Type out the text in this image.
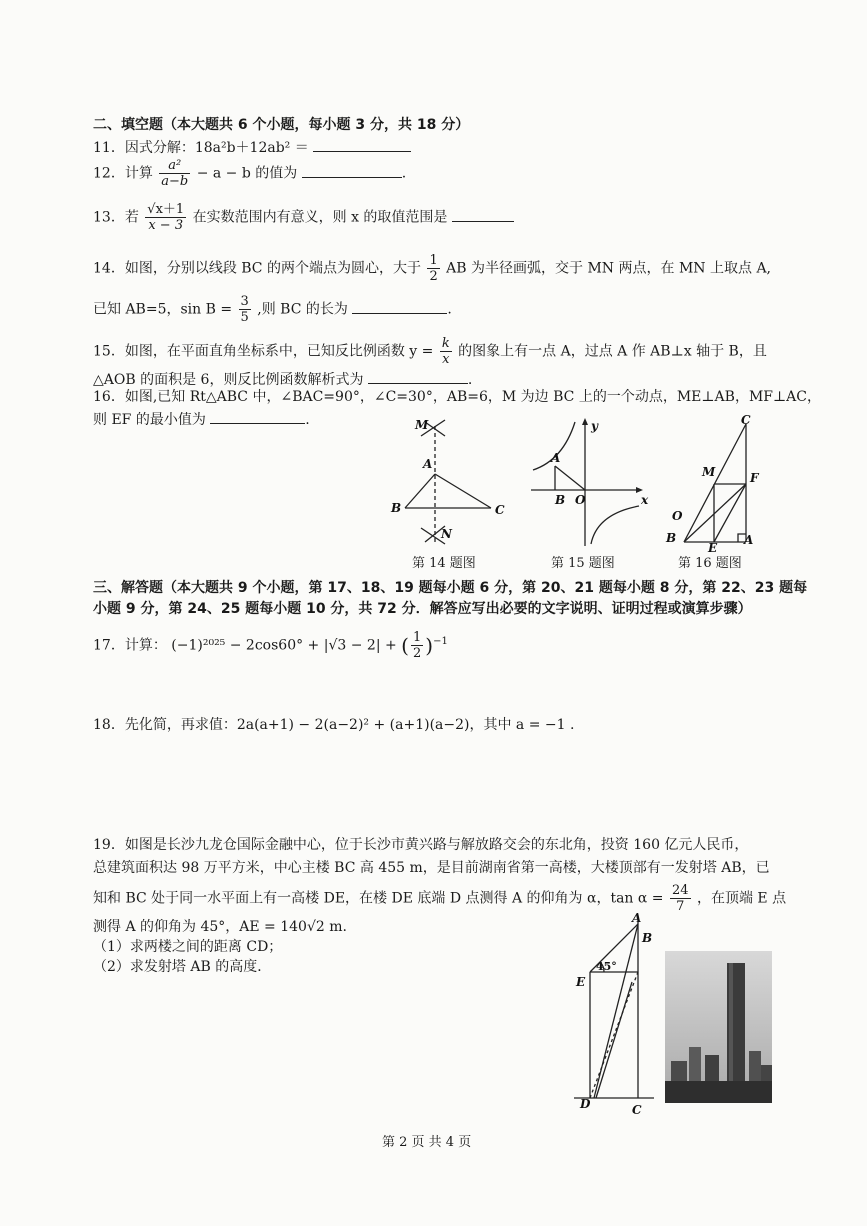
二、填空题（本大题共 6 个小题，每小题 3 分，共 18 分）
11．因式分解：18a²b＋12ab² ＝
12．计算 $\frac{\text{a²}}{a-b} - a - b$ 的值为	.
13．若 $\frac{√x+1}{x - 3}$ 在实数范围内有意义，则 x 的取值范围是
14．如图，分别以线段 BC 的两个端点为圆心，大于 $\frac{1}{2}$ AB 为半径画弧，交于 MN 两点，在 MN 上取点 A,
已知 AB=5，$\sin B = \frac{3}{5}$ ,则 BC 的长为	.
15．如图，在平面直角坐标系中，已知反比例函数 $y = \frac{k}{x}$ 的图象上有一点 A，过点 A 作 AB⊥x 轴于 B，且
△AOB 的面积是 6，则反比例函数解析式为	.
16．如图,已知 Rt△ABC 中，∠BAC=90°，∠C=30°，AB=6，M 为边 BC 上的一个动点，ME⊥AB，MF⊥AC，
则 EF 的最小值为	.	M
A
B	C
N
第 14 题图
y
A
B O	x
第 15 题图
C
M	F
O
B
E
A
第 16 题图
三、解答题（本大题共 9 个小题，第 17、18、19 题每小题 6 分，第 20、21 题每小题 8 分，第 22、23 题每
小题 9 分，第 24、25 题每小题 10 分，共 72 分．解答应写出必要的文字说明、证明过程或演算步骤）
17．计算： (−1)²⁰²⁵ − 2cos60° + |√3 − 2| + ( $\frac{1}{2} )^{-1}$
18．先化简，再求值：2a(a+1) − 2(a−2)² + (a+1)(a−2)，其中 a = −1 .
19．如图是长沙九龙仓国际金融中心，位于长沙市黄兴路与解放路交会的东北角，投资 160 亿元人民币，
总建筑面积达 98 万平方米，中心主楼 BC 高 455 m，是目前湖南省第一高楼，大楼顶部有一发射塔 AB，已
知和 BC 处于同一水平面上有一高楼 DE，在楼 DE 底端 D 点测得 A 的仰角为 α，$\tan \alpha = \frac{24}{7}$ ，在顶端 E 点
测得 A 的仰角为 45°，AE = 140√2 m.
（1）求两楼之间的距离 CD；
（2）求发射塔 AB 的高度．
A
B
E
45°
D	C
第 2 页 共 4 页
